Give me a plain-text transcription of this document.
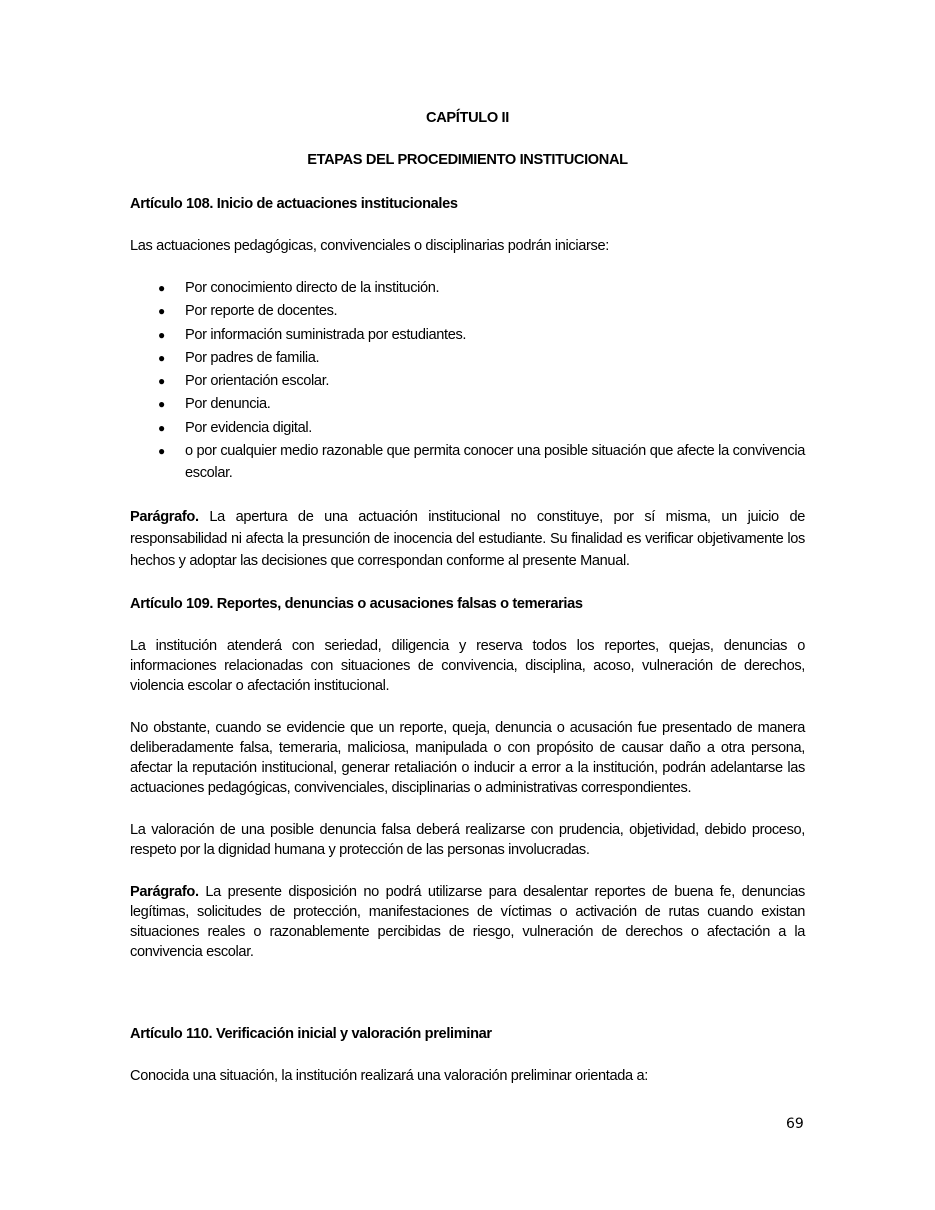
CAPÍTULO II
ETAPAS DEL PROCEDIMIENTO INSTITUCIONAL
Artículo 108. Inicio de actuaciones institucionales

Las actuaciones pedagógicas, convivenciales o disciplinarias podrán iniciarse:

● Por conocimiento directo de la institución.
● Por reporte de docentes.
● Por información suministrada por estudiantes.
● Por padres de familia.
● Por orientación escolar.
● Por denuncia.
● Por evidencia digital.
● o por cualquier medio razonable que permita conocer una posible situación que afecte la convivencia escolar.

Parágrafo. La apertura de una actuación institucional no constituye, por sí misma, un juicio de responsabilidad ni afecta la presunción de inocencia del estudiante. Su finalidad es verificar objetivamente los hechos y adoptar las decisiones que correspondan conforme al presente Manual.

Artículo 109. Reportes, denuncias o acusaciones falsas o temerarias

La institución atenderá con seriedad, diligencia y reserva todos los reportes, quejas, denuncias o informaciones relacionadas con situaciones de convivencia, disciplina, acoso, vulneración de derechos, violencia escolar o afectación institucional.

No obstante, cuando se evidencie que un reporte, queja, denuncia o acusación fue presentado de manera deliberadamente falsa, temeraria, maliciosa, manipulada o con propósito de causar daño a otra persona, afectar la reputación institucional, generar retaliación o inducir a error a la institución, podrán adelantarse las actuaciones pedagógicas, convivenciales, disciplinarias o administrativas correspondientes.

La valoración de una posible denuncia falsa deberá realizarse con prudencia, objetividad, debido proceso, respeto por la dignidad humana y protección de las personas involucradas.

Parágrafo. La presente disposición no podrá utilizarse para desalentar reportes de buena fe, denuncias legítimas, solicitudes de protección, manifestaciones de víctimas o activación de rutas cuando existan situaciones reales o razonablemente percibidas de riesgo, vulneración de derechos o afectación a la convivencia escolar.

Artículo 110. Verificación inicial y valoración preliminar

Conocida una situación, la institución realizará una valoración preliminar orientada a:

69
